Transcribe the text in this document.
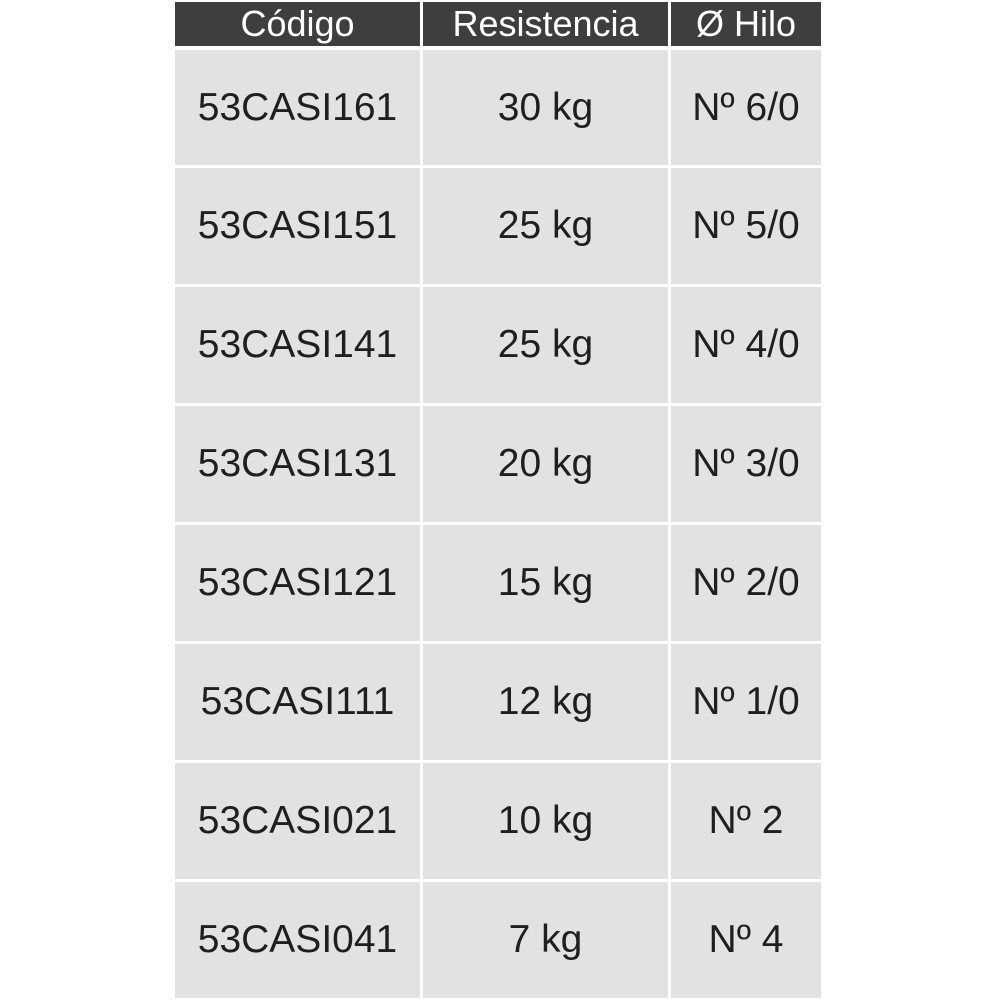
Código	Resistencia	Ø Hilo
53CASI161	30 kg	Nº 6/0
53CASI151	25 kg	Nº 5/0
53CASI141	25 kg	Nº 4/0
53CASI131	20 kg	Nº 3/0
53CASI121	15 kg	Nº 2/0
53CASI111	12 kg	Nº 1/0
53CASI021	10 kg	Nº 2
53CASI041	7 kg	Nº 4
